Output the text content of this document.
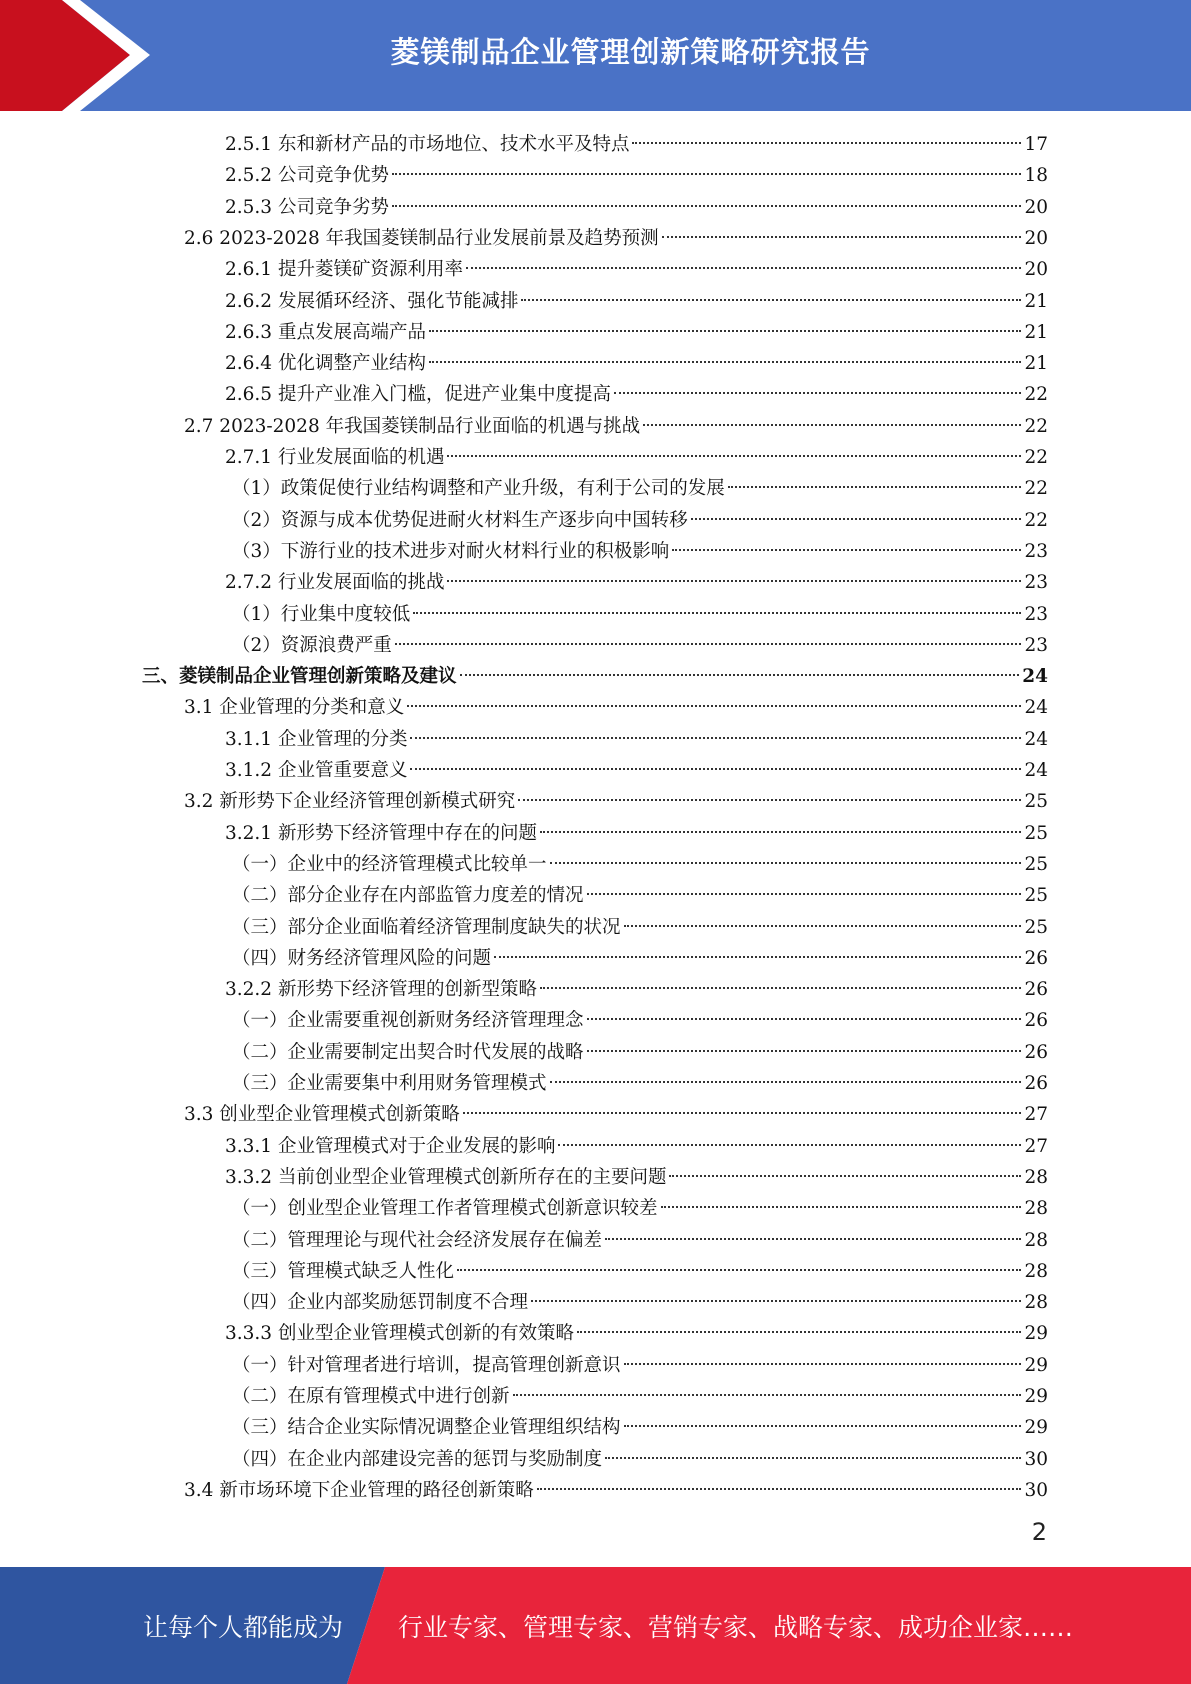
菱镁制品企业管理创新策略研究报告
2.5.1 东和新材产品的市场地位、技术水平及特点	17
2.5.2 公司竞争优势	18
2.5.3 公司竞争劣势	20
2.6 2023-2028 年我国菱镁制品行业发展前景及趋势预测	20
2.6.1 提升菱镁矿资源利用率	20
2.6.2 发展循环经济、强化节能减排	21
2.6.3 重点发展高端产品	21
2.6.4 优化调整产业结构	21
2.6.5 提升产业准入门槛，促进产业集中度提高	22
2.7 2023-2028 年我国菱镁制品行业面临的机遇与挑战	22
2.7.1 行业发展面临的机遇	22
（1）政策促使行业结构调整和产业升级，有利于公司的发展	22
（2）资源与成本优势促进耐火材料生产逐步向中国转移	22
（3）下游行业的技术进步对耐火材料行业的积极影响	23
2.7.2 行业发展面临的挑战	23
（1）行业集中度较低	23
（2）资源浪费严重	23
三、菱镁制品企业管理创新策略及建议	24
3.1 企业管理的分类和意义	24
3.1.1 企业管理的分类	24
3.1.2 企业管重要意义	24
3.2 新形势下企业经济管理创新模式研究	25
3.2.1 新形势下经济管理中存在的问题	25
（一）企业中的经济管理模式比较单一	25
（二）部分企业存在内部监管力度差的情况	25
（三）部分企业面临着经济管理制度缺失的状况	25
（四）财务经济管理风险的问题	26
3.2.2 新形势下经济管理的创新型策略	26
（一）企业需要重视创新财务经济管理理念	26
（二）企业需要制定出契合时代发展的战略	26
（三）企业需要集中利用财务管理模式	26
3.3 创业型企业管理模式创新策略	27
3.3.1 企业管理模式对于企业发展的影响	27
3.3.2 当前创业型企业管理模式创新所存在的主要问题	28
（一）创业型企业管理工作者管理模式创新意识较差	28
（二）管理理论与现代社会经济发展存在偏差	28
（三）管理模式缺乏人性化	28
（四）企业内部奖励惩罚制度不合理	28
3.3.3 创业型企业管理模式创新的有效策略	29
（一）针对管理者进行培训，提高管理创新意识	29
（二）在原有管理模式中进行创新	29
（三）结合企业实际情况调整企业管理组织结构	29
（四）在企业内部建设完善的惩罚与奖励制度	30
3.4 新市场环境下企业管理的路径创新策略	30
2
让每个人都能成为 行业专家、管理专家、营销专家、战略专家、成功企业家……
